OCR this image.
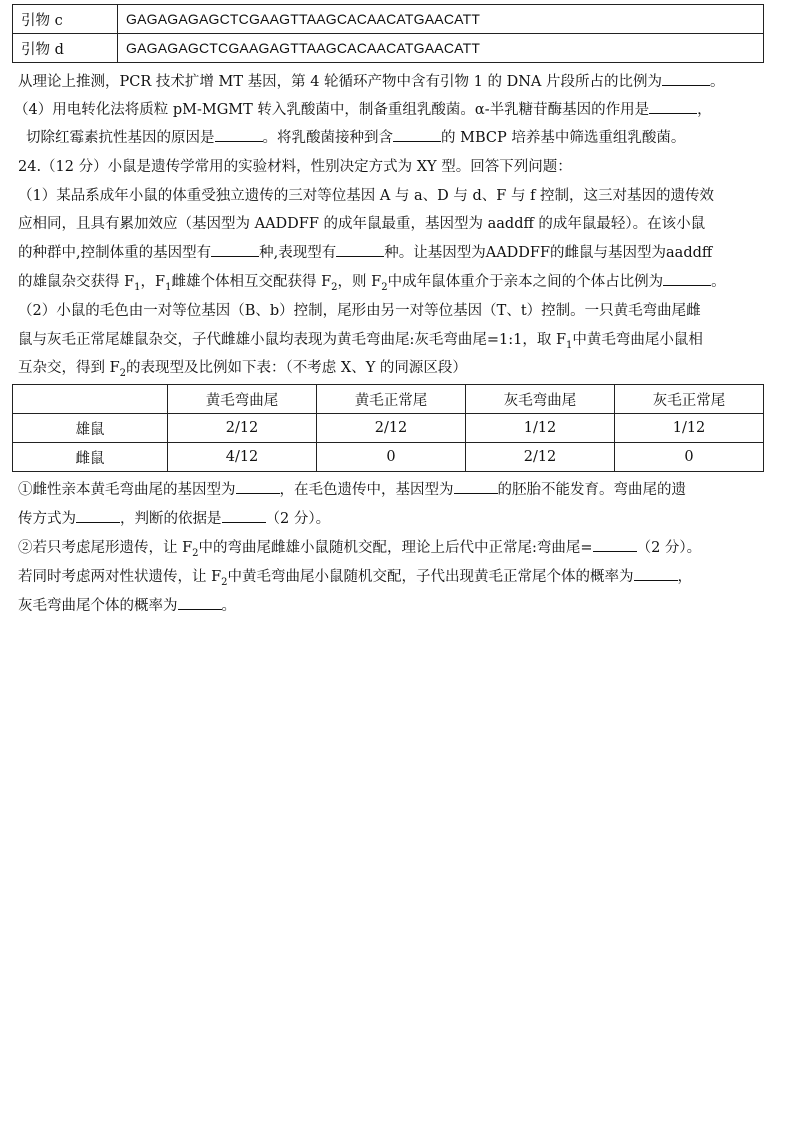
引物 c	GAGAGAGAGCTCGAAGTTAAGCACAACATGAACATT
引物 d	GAGAGAGCTCGAAGAGTTAAGCACAACATGAACATT
从理论上推测，PCR 技术扩增 MT 基因，第 4 轮循环产物中含有引物 1 的 DNA 片段所占的比例为	。
（4）用电转化法将质粒 pM-MGMT 转入乳酸菌中，制备重组乳酸菌。α-半乳糖苷酶基因的作用是	，
切除红霉素抗性基因的原因是	。将乳酸菌接种到含	的 MBCP 培养基中筛选重组乳酸菌。
24.（12 分）小鼠是遗传学常用的实验材料，性别决定方式为 XY 型。回答下列问题：
（1）某品系成年小鼠的体重受独立遗传的三对等位基因 A 与 a、D 与 d、F 与 f 控制，这三对基因的遗传效
应相同，且具有累加效应（基因型为 AADDFF 的成年鼠最重，基因型为 aaddff 的成年鼠最轻）。在该小鼠
的种群中,控制体重的基因型有	种,表现型有	种。让基因型为AADDFF的雌鼠与基因型为aaddff
的雄鼠杂交获得 $F_1$，$F_1$雌雄个体相互交配获得 $F_2$，则 $F_2$中成年鼠体重介于亲本之间的个体占比例为	。
（2）小鼠的毛色由一对等位基因（B、b）控制，尾形由另一对等位基因（T、t）控制。一只黄毛弯曲尾雌
鼠与灰毛正常尾雄鼠杂交，子代雌雄小鼠均表现为黄毛弯曲尾:灰毛弯曲尾=1:1，取 $F_1$中黄毛弯曲尾小鼠相
互杂交，得到 $F_2$的表现型及比例如下表：（不考虑 X、Y 的同源区段）
	黄毛弯曲尾	黄毛正常尾	灰毛弯曲尾	灰毛正常尾
雄鼠	2/12	2/12	1/12	1/12
雌鼠	4/12	0	2/12	0
①雌性亲本黄毛弯曲尾的基因型为	，在毛色遗传中，基因型为	的胚胎不能发育。弯曲尾的遗
传方式为	，判断的依据是	（2 分）。
②若只考虑尾形遗传，让 $F_2$中的弯曲尾雌雄小鼠随机交配，理论上后代中正常尾:弯曲尾=	（2 分）。
若同时考虑两对性状遗传，让 $F_2$中黄毛弯曲尾小鼠随机交配，子代出现黄毛正常尾个体的概率为	，
灰毛弯曲尾个体的概率为	。
